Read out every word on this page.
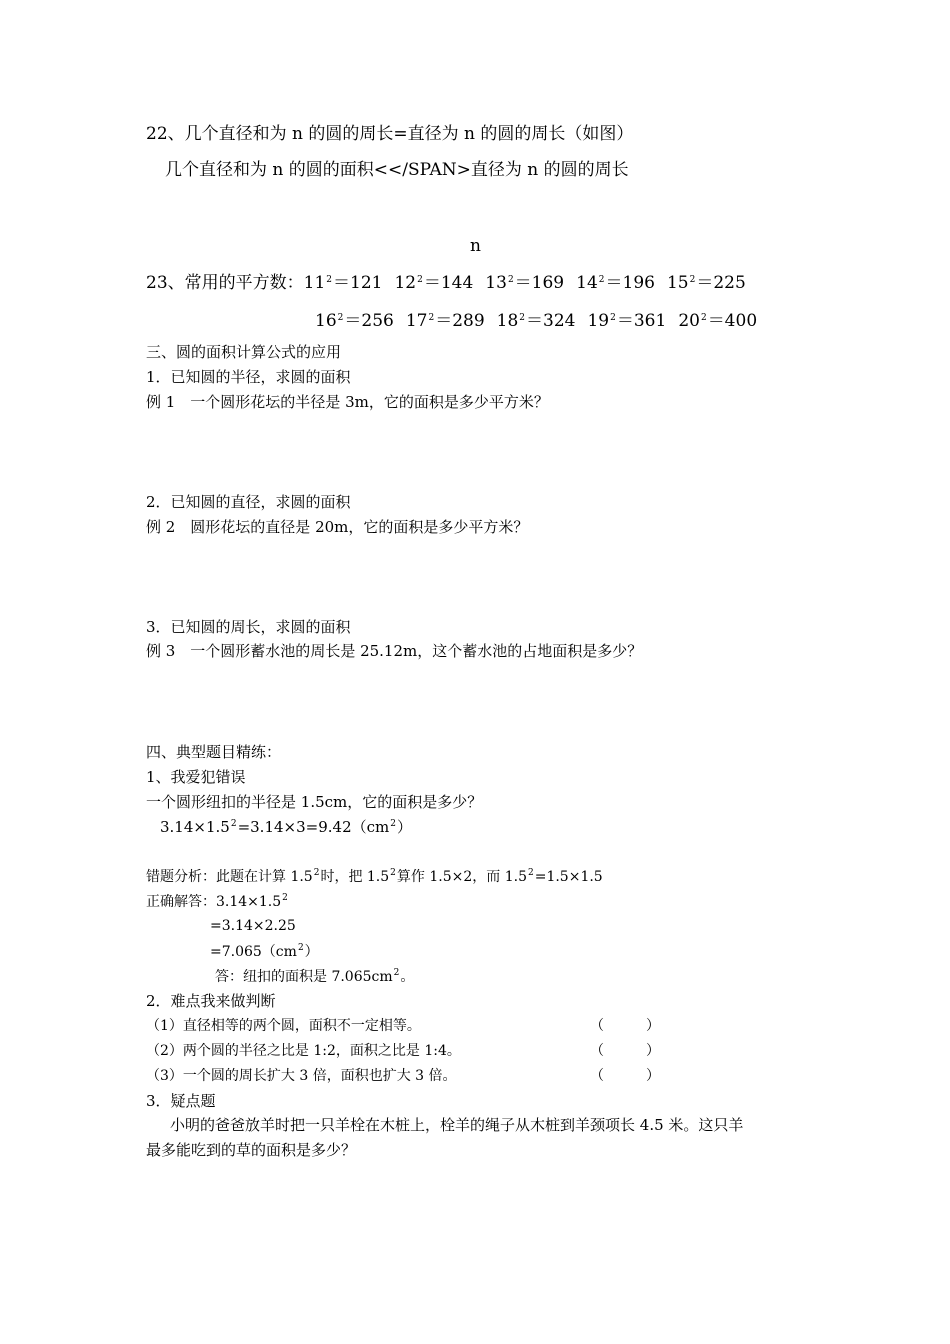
22、几个直径和为 n 的圆的周长=直径为 n 的圆的周长（如图）
几个直径和为 n 的圆的面积<</SPAN>直径为 n 的圆的周长
n
23、常用的平方数：$11^2=121$ $12^2=144$ $13^2=169$ $14^2=196$ $15^2=225$
$16^2=256$ $17^2=289$ $18^2=324$ $19^2=361$ $20^2=400$
三、圆的面积计算公式的应用
1．已知圆的半径，求圆的面积
例 1　一个圆形花坛的半径是 3m，它的面积是多少平方米？
2．已知圆的直径，求圆的面积
例 2　圆形花坛的直径是 20m，它的面积是多少平方米？
3．已知圆的周长，求圆的面积
例 3　一个圆形蓄水池的周长是 25.12m，这个蓄水池的占地面积是多少？
四、典型题目精练：
1、我爱犯错误
一个圆形纽扣的半径是 1.5cm，它的面积是多少？
$3.14\times 1.5^2=3.14\times 3=9.42(cm^2)$
错题分析：此题在计算 $1.5^2$时，把 $1.5^2$算作 1.5×2，而 $1.5^2=1.5\times 1.5$
正确解答：$3.14\times 1.5^2$
=3.14×2.25
$=7.065(cm^2)$
答：纽扣的面积是 $7.065cm^2$。
2．难点我来做判断
（1）直径相等的两个圆，面积不一定相等。	（　　　）
（2）两个圆的半径之比是 1:2，面积之比是 1:4。	（　　　）
（3）一个圆的周长扩大 3 倍，面积也扩大 3 倍。	（　　　）
3．疑点题
小明的爸爸放羊时把一只羊栓在木桩上，栓羊的绳子从木桩到羊颈项长 4.5 米。这只羊
最多能吃到的草的面积是多少？
